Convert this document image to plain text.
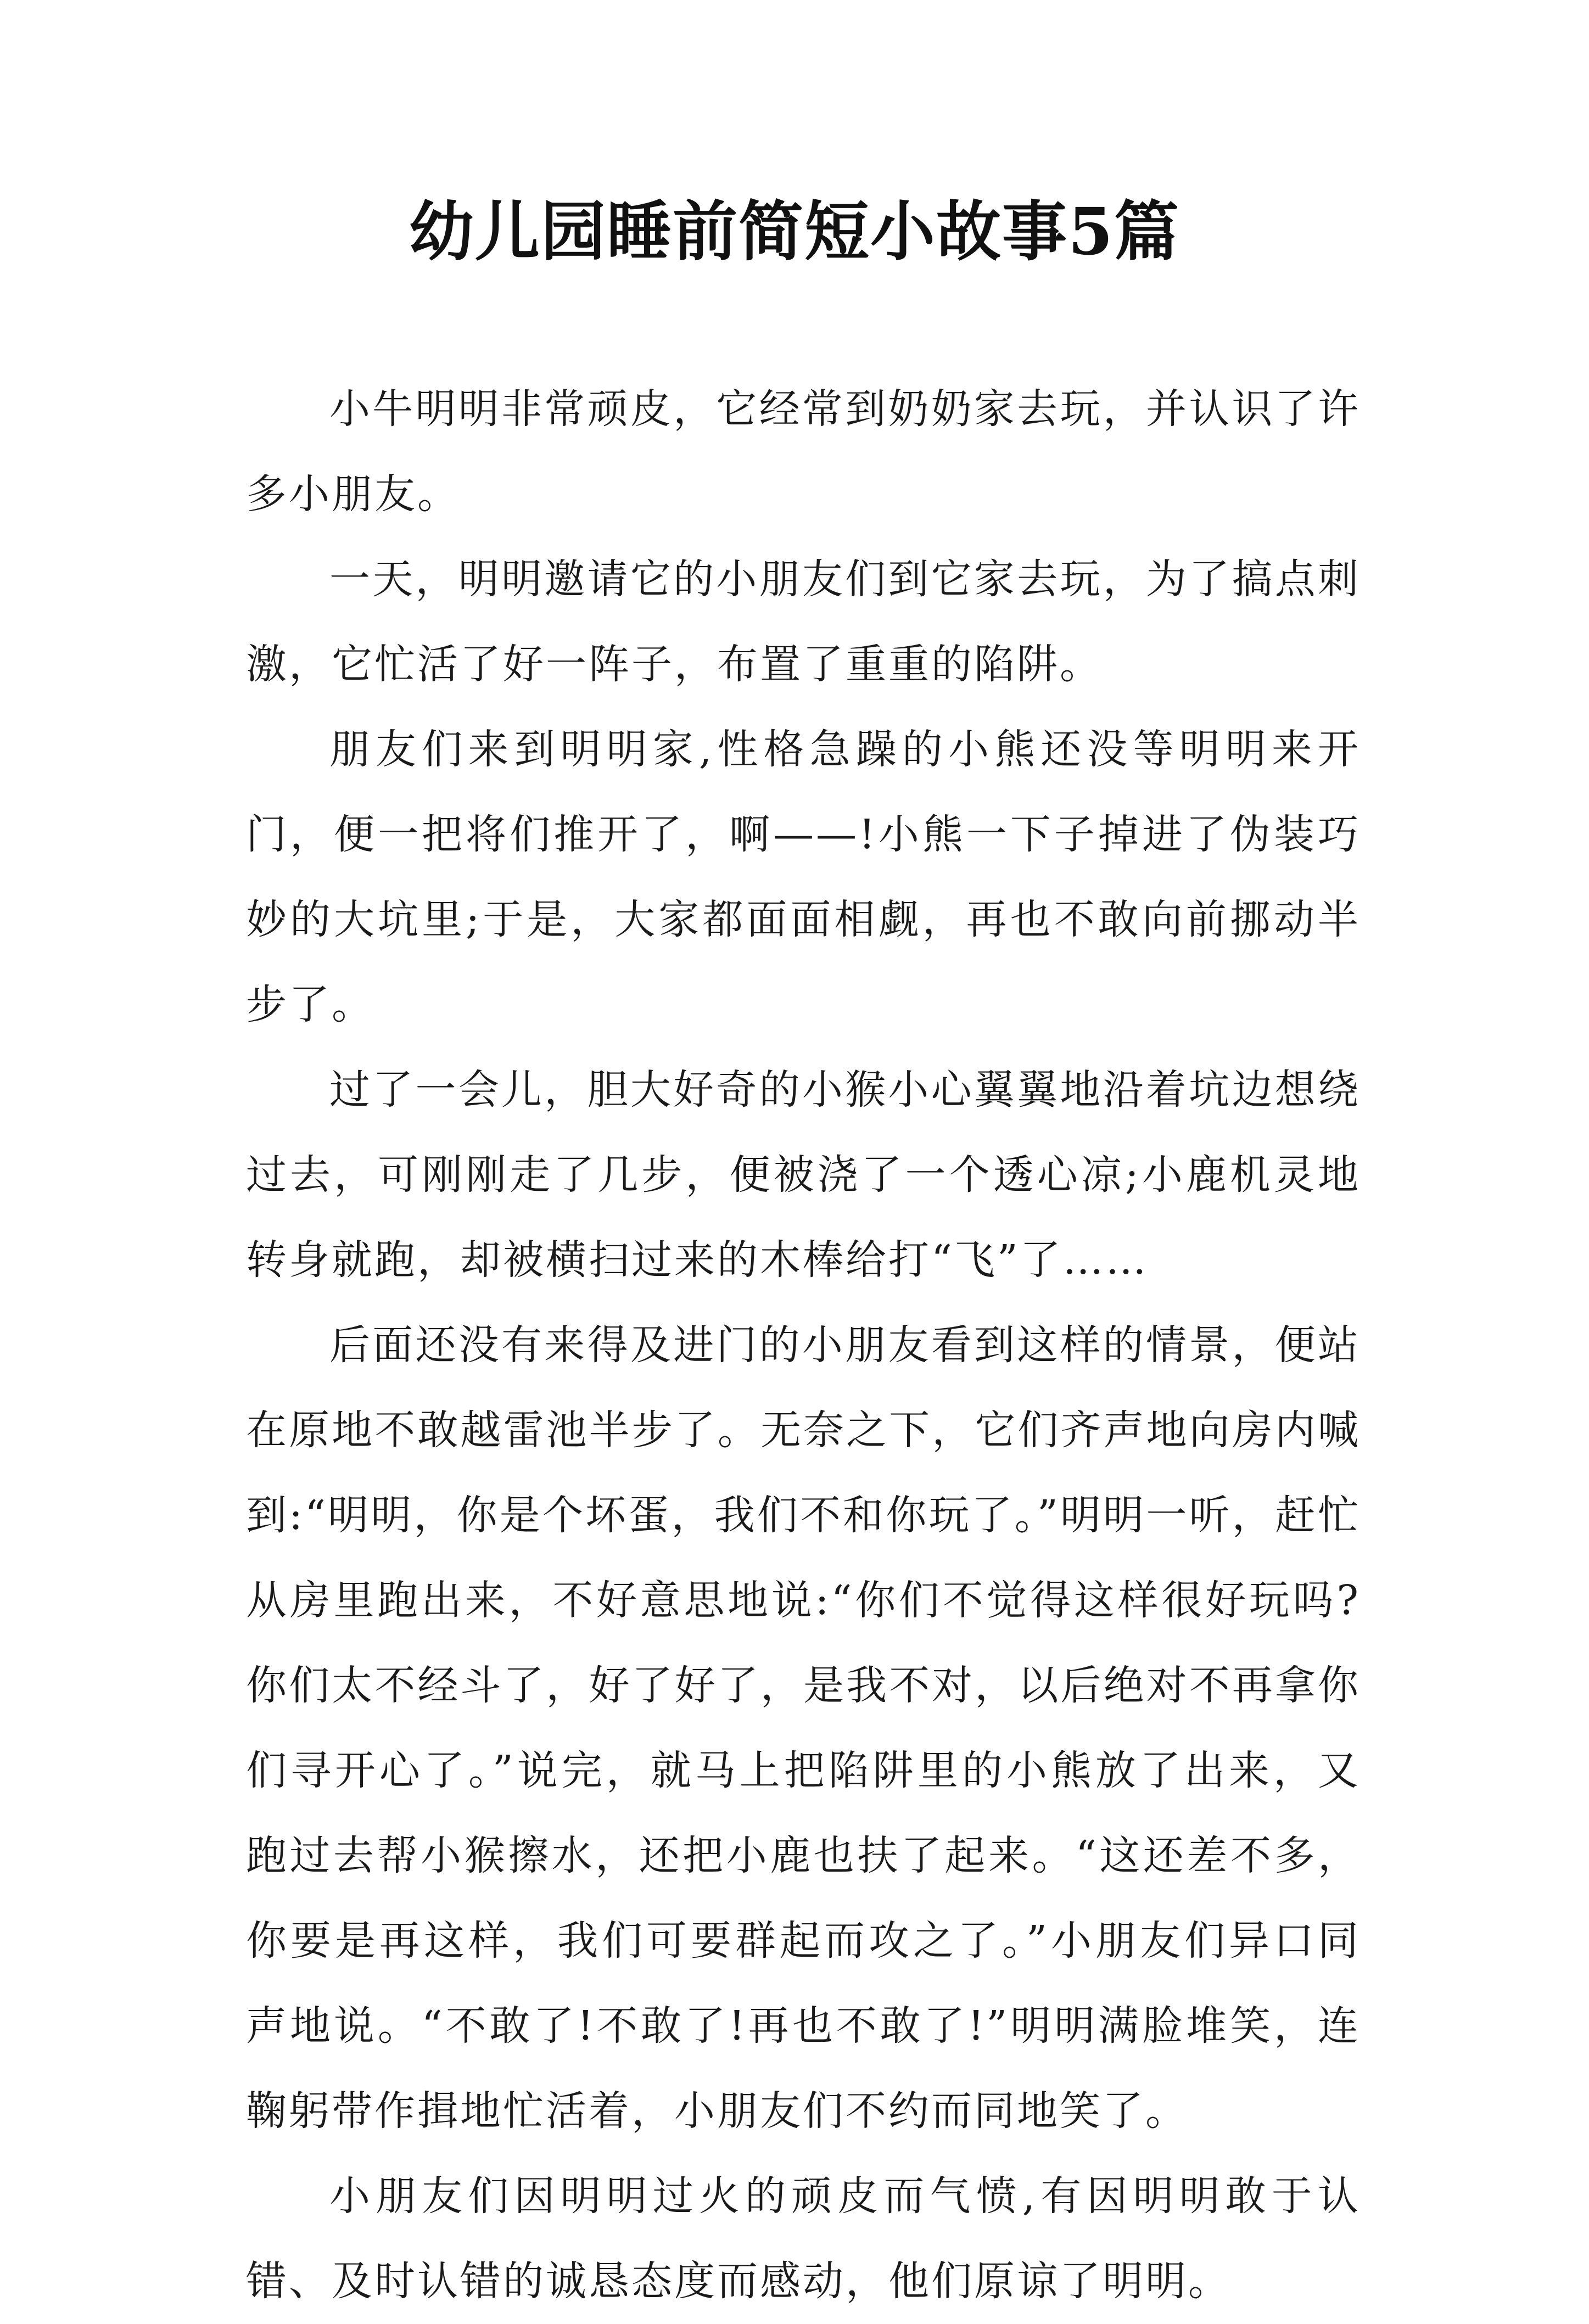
幼儿园睡前简短小故事5篇

小牛明明非常顽皮，它经常到奶奶家去玩，并认识了许多小朋友。

一天，明明邀请它的小朋友们到它家去玩，为了搞点刺激，它忙活了好一阵子，布置了重重的陷阱。

朋友们来到明明家,性格急躁的小熊还没等明明来开门，便一把将们推开了，啊——!小熊一下子掉进了伪装巧妙的大坑里;于是，大家都面面相觑，再也不敢向前挪动半步了。

过了一会儿，胆大好奇的小猴小心翼翼地沿着坑边想绕过去，可刚刚走了几步，便被浇了一个透心凉;小鹿机灵地转身就跑，却被横扫过来的木棒给打“飞”了……

后面还没有来得及进门的小朋友看到这样的情景，便站在原地不敢越雷池半步了。无奈之下，它们齐声地向房内喊到:“明明，你是个坏蛋，我们不和你玩了。”明明一听，赶忙从房里跑出来，不好意思地说:“你们不觉得这样很好玩吗?你们太不经斗了，好了好了，是我不对，以后绝对不再拿你们寻开心了。”说完，就马上把陷阱里的小熊放了出来，又跑过去帮小猴擦水，还把小鹿也扶了起来。“这还差不多，你要是再这样，我们可要群起而攻之了。”小朋友们异口同声地说。“不敢了!不敢了!再也不敢了!”明明满脸堆笑，连鞠躬带作揖地忙活着，小朋友们不约而同地笑了。

小朋友们因明明过火的顽皮而气愤,有因明明敢于认错、及时认错的诚恳态度而感动，他们原谅了明明。
